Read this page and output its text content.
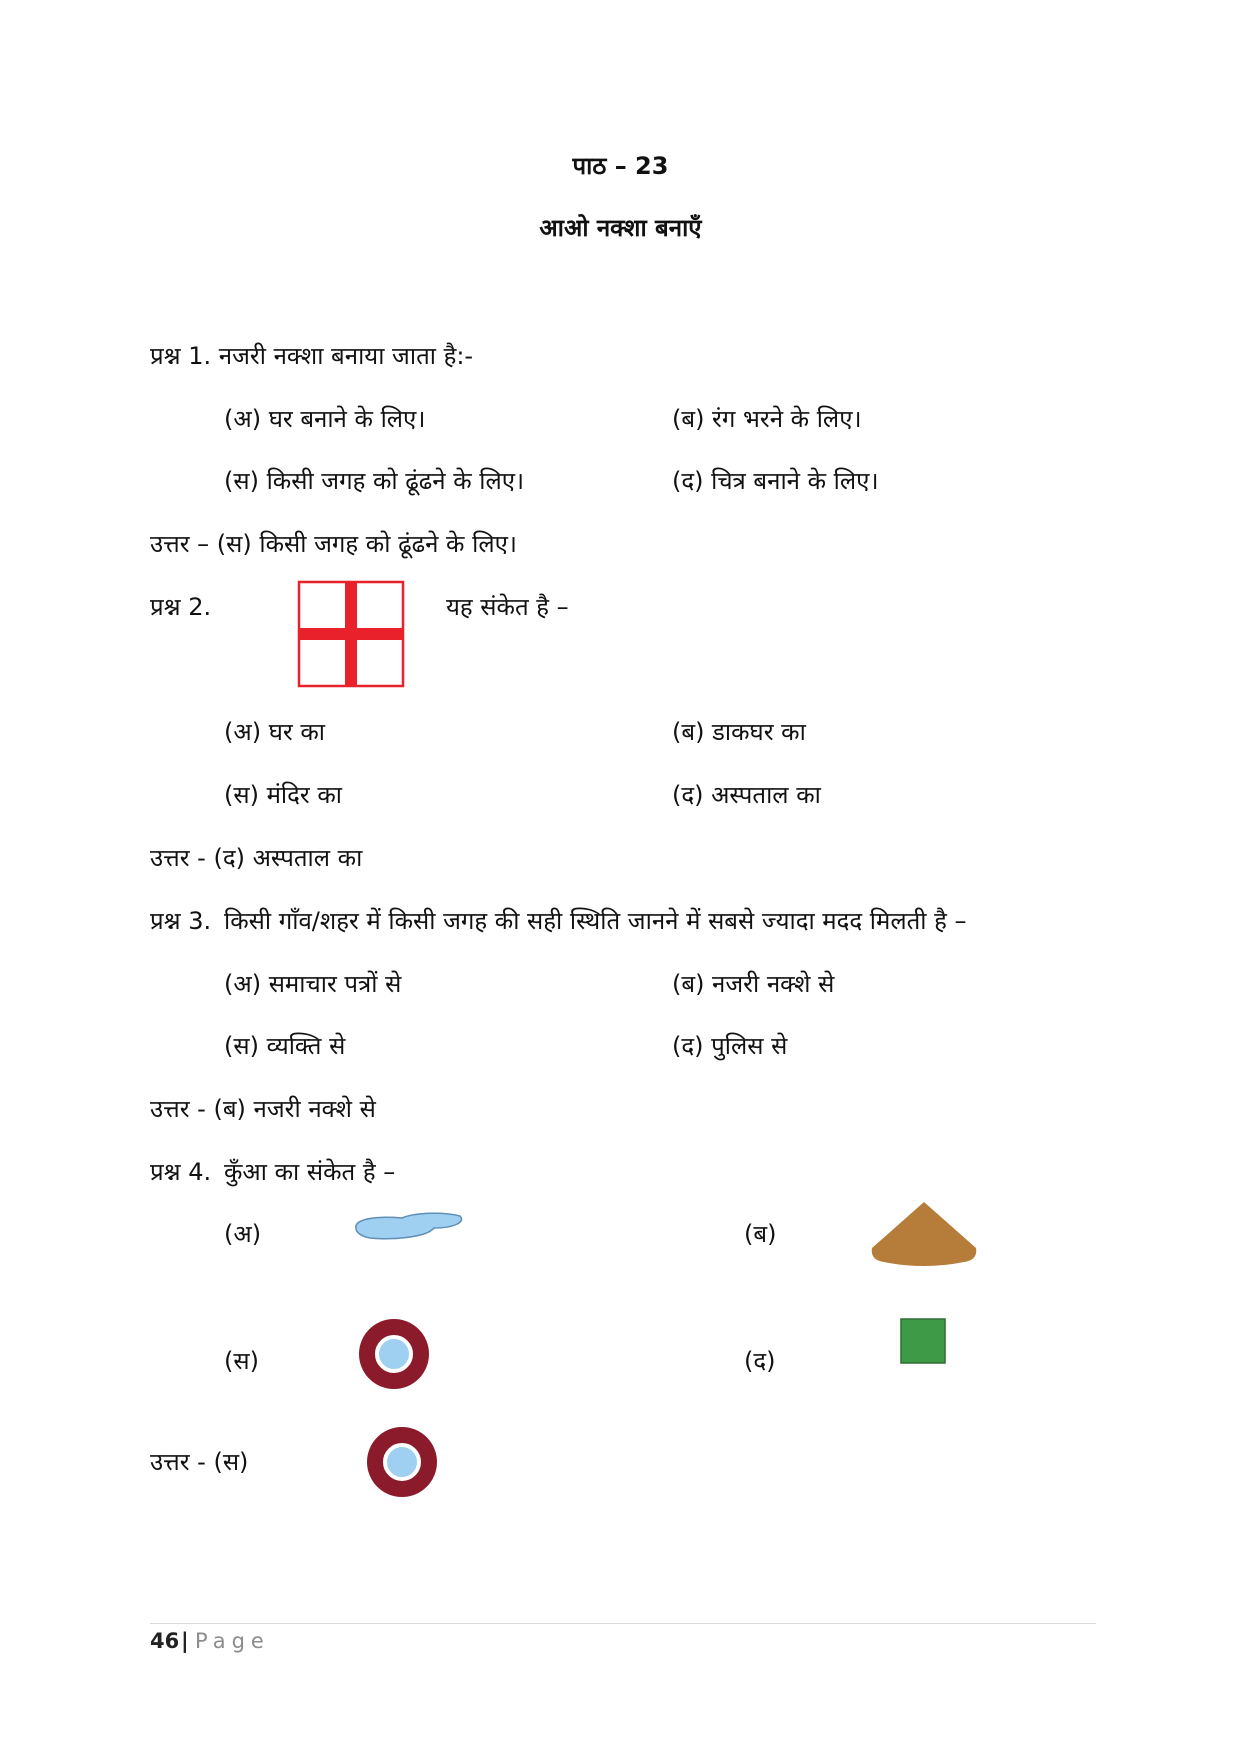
पाठ – 23
आओ नक्शा बनाएँ
प्रश्न 1. नजरी नक्शा बनाया जाता है:-
(अ) घर बनाने के लिए।	(ब) रंग भरने के लिए।
(स) किसी जगह को ढूंढने के लिए।	(द) चित्र बनाने के लिए।
उत्तर – (स) किसी जगह को ढूंढने के लिए।
प्रश्न 2.	यह संकेत है –
(अ) घर का	(ब) डाकघर का
(स) मंदिर का	(द) अस्पताल का
उत्तर - (द) अस्पताल का
प्रश्न 3. किसी गाँव/शहर में किसी जगह की सही स्थिति जानने में सबसे ज्यादा मदद मिलती है –
(अ) समाचार पत्रों से	(ब) नजरी नक्शे से
(स) व्यक्ति से	(द) पुलिस से
उत्तर - (ब) नजरी नक्शे से
प्रश्न 4. कुँआ का संकेत है –
(अ)	(ब)
(स)	(द)
उत्तर - (स)
46 | Page
